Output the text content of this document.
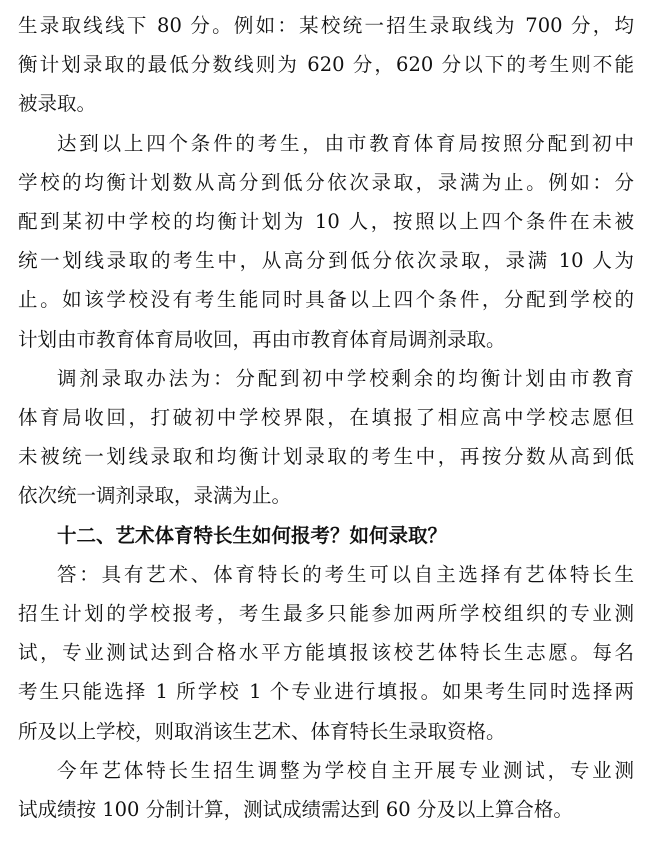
生录取线线下 80 分。例如：某校统一招生录取线为 700 分，均
衡计划录取的最低分数线则为 620 分，620 分以下的考生则不能
被录取。
达到以上四个条件的考生，由市教育体育局按照分配到初中
学校的均衡计划数从高分到低分依次录取，录满为止。例如：分
配到某初中学校的均衡计划为 10 人，按照以上四个条件在未被
统一划线录取的考生中，从高分到低分依次录取，录满 10 人为
止。如该学校没有考生能同时具备以上四个条件，分配到学校的
计划由市教育体育局收回，再由市教育体育局调剂录取。
调剂录取办法为：分配到初中学校剩余的均衡计划由市教育
体育局收回，打破初中学校界限，在填报了相应高中学校志愿但
未被统一划线录取和均衡计划录取的考生中，再按分数从高到低
依次统一调剂录取，录满为止。
十二、艺术体育特长生如何报考？如何录取？
答：具有艺术、体育特长的考生可以自主选择有艺体特长生
招生计划的学校报考，考生最多只能参加两所学校组织的专业测
试，专业测试达到合格水平方能填报该校艺体特长生志愿。每名
考生只能选择 1 所学校 1 个专业进行填报。如果考生同时选择两
所及以上学校，则取消该生艺术、体育特长生录取资格。
今年艺体特长生招生调整为学校自主开展专业测试，专业测
试成绩按 100 分制计算，测试成绩需达到 60 分及以上算合格。
